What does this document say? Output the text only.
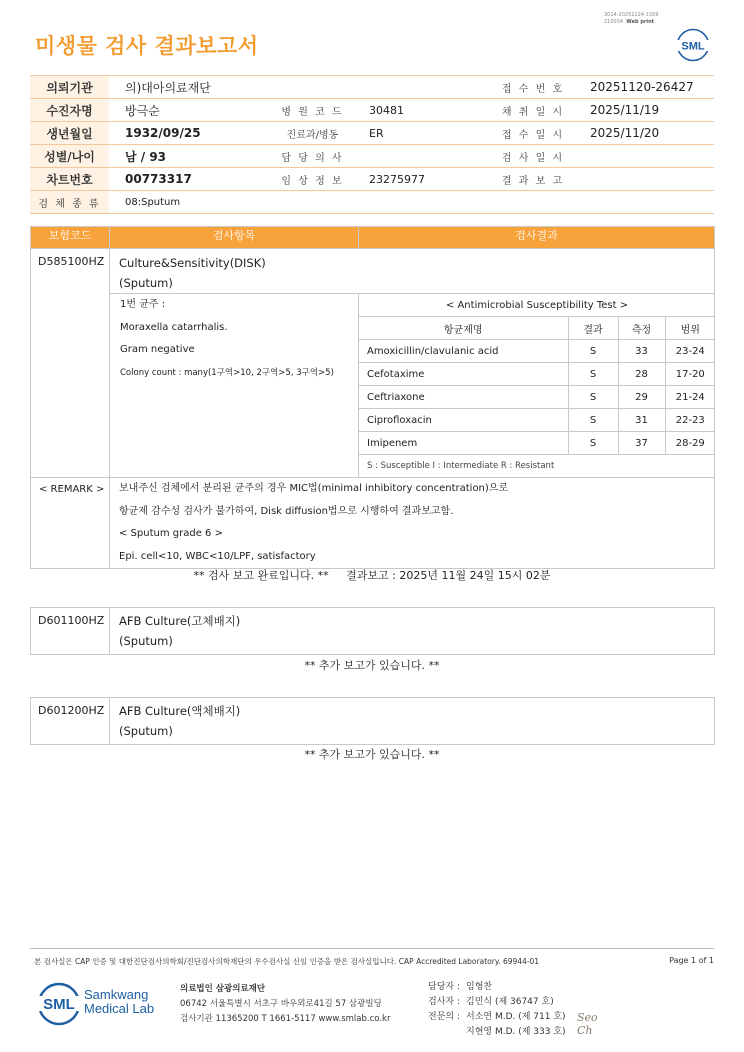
3014-20251124-1509
210034 Web print
미생물 검사 결과보고서	SML
의뢰기관	의)대아의료재단			접 수 번 호	20251120-26427
수진자명	방극순	병 원 코 드	30481	채 취 일 시	2025/11/19
생년월일	1932/09/25	진료과/병동	ER	접 수 일 시	2025/11/20
성별/나이	남 / 93	담 당 의 사		검 사 일 시	
차트번호	00773317	임 상 정 보	23275977	결 과 보 고	
검 체 종 류	08:Sputum				
보험코드	검사항목	검사결과
D585100HZ	Culture&Sensitivity(DISK)
(Sputum)

1번 균주 :
Moraxella catarrhalis.
Gram negative
Colony count : many(1구역>10, 2구역>5, 3구역>5)

< Antimicrobial Susceptibility Test >
항균제명	결과	측정	범위
Amoxicillin/clavulanic acid	S	33	23-24
Cefotaxime	S	28	17-20
Ceftriaxone	S	29	21-24
Ciprofloxacin	S	31	22-23
Imipenem	S	37	28-29
S : Susceptible I : Intermediate R : Resistant

< REMARK >	보내주신 검체에서 분리된 균주의 경우 MIC법(minimal inhibitory concentration)으로
항균제 감수성 검사가 불가하여, Disk diffusion법으로 시행하여 결과보고함.
< Sputum grade 6 >
Epi. cell<10, WBC<10/LPF, satisfactory
** 검사 보고 완료입니다. **     결과보고 : 2025년 11월 24일 15시 02분
D601100HZ	AFB Culture(고체배지)
(Sputum)
** 추가 보고가 있습니다. **
D601200HZ	AFB Culture(액체배지)
(Sputum)
** 추가 보고가 있습니다. **
본 검사실은 CAP 인증 및 대한진단검사의학회/진단검사의학재단의 우수검사실 신임 인증을 받은 검사실입니다. CAP Accredited Laboratory. 69944-01	Page 1 of 1
SML
Samkwang
Medical Lab
의료법인 삼광의료재단
06742 서울특별시 서초구 바우뫼로41길 57 삼광빌딩
검사기관 11365200 T 1661-5117 www.smlab.co.kr
담당자 : 임형찬
검사자 : 김민식 (제 36747 호)
전문의 : 서소연 M.D. (제 711 호)
지현영 M.D. (제 333 호)
Seo
Ch
